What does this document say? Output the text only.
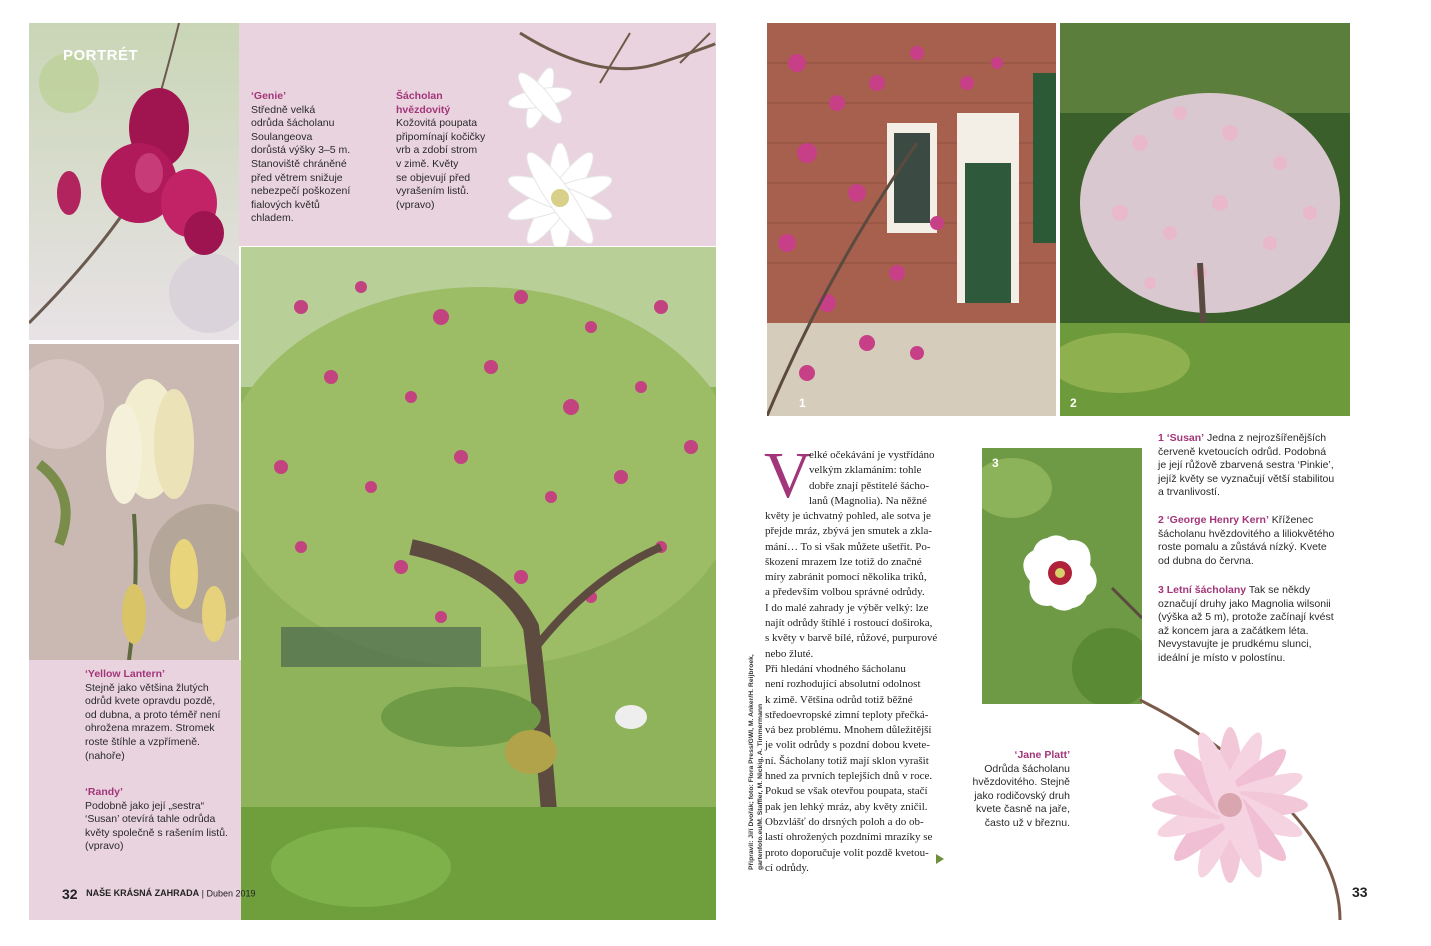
PORTRÉT
‘Genie’
Středně velká
odrůda šácholanu
Soulangeova
dorůstá výšky 3–5 m.
Stanoviště chráněné
před větrem snižuje
nebezpečí poškození
fialových květů
chladem.
Šácholan
hvězdovitý
Kožovitá poupata
připomínají kočičky
vrb a zdobí strom
v zimě. Květy
se objevují před
vyrašením listů.
(vpravo)
‘Yellow Lantern’
Stejně jako většina žlutých
odrůd kvete opravdu pozdě,
od dubna, a proto téměř není
ohrožena mrazem. Stromek
roste štíhle a vzpřímeně.
(nahoře)
‘Randy’
Podobně jako její „sestra“
‘Susan’ otevírá tahle odrůda
květy společně s rašením listů.
(vpravo)
32 NAŠE KRÁSNÁ ZAHRADA | Duben 2019
1	2
Připravil: Jiří Dvořák; foto: Flora Press/GWI, M. Anker/H. Reijbroek, gartenfoto.eu/M. Staffler, M. Nickig, A. Timmermann
V
elké očekávání je vystřídáno
velkým zklamáním: tohle
dobře znají pěstitelé šácho-
lanů (Magnolia). Na něžné
květy je úchvatný pohled, ale sotva je
přejde mráz, zbývá jen smutek a zkla-
mání… To si však můžete ušetřit. Po-
škození mrazem lze totiž do značné
míry zabránit pomocí několika triků,
a především volbou správné odrůdy.
I do malé zahrady je výběr velký: lze
najít odrůdy štíhlé i rostoucí doširoka,
s květy v barvě bílé, růžové, purpurové
nebo žluté.
Při hledání vhodného šácholanu
není rozhodující absolutní odolnost
k zimě. Většina odrůd totiž běžné
středoevropské zimní teploty přečká-
vá bez problému. Mnohem důležitější
je volit odrůdy s pozdní dobou kvete-
ní. Šácholany totiž mají sklon vyrašit
hned za prvních teplejších dnů v roce.
Pokud se však otevřou poupata, stačí
pak jen lehký mráz, aby květy zničil.
Obzvlášť do drsných poloh a do ob-
lastí ohrožených pozdními mrazíky se
proto doporučuje volit pozdě kvetou-
cí odrůdy.
3
1 ‘Susan’ Jedna z nejrozšířenějších
červeně kvetoucích odrůd. Podobná
je její růžově zbarvená sestra ‘Pinkie’,
jejíž květy se vyznačují větší stabilitou
a trvanlivostí.
2 ‘George Henry Kern’ Kříženec
šácholanu hvězdovitého a liliokvětého
roste pomalu a zůstává nízký. Kvete
od dubna do června.
3 Letní šácholany Tak se někdy
označují druhy jako Magnolia wilsonii
(výška až 5 m), protože začínají kvést
až koncem jara a začátkem léta.
Nevystavujte je prudkému slunci,
ideální je místo v polostínu.
‘Jane Platt’
Odrůda šácholanu
hvězdovitého. Stejně
jako rodičovský druh
kvete časně na jaře,
často už v březnu.
33
